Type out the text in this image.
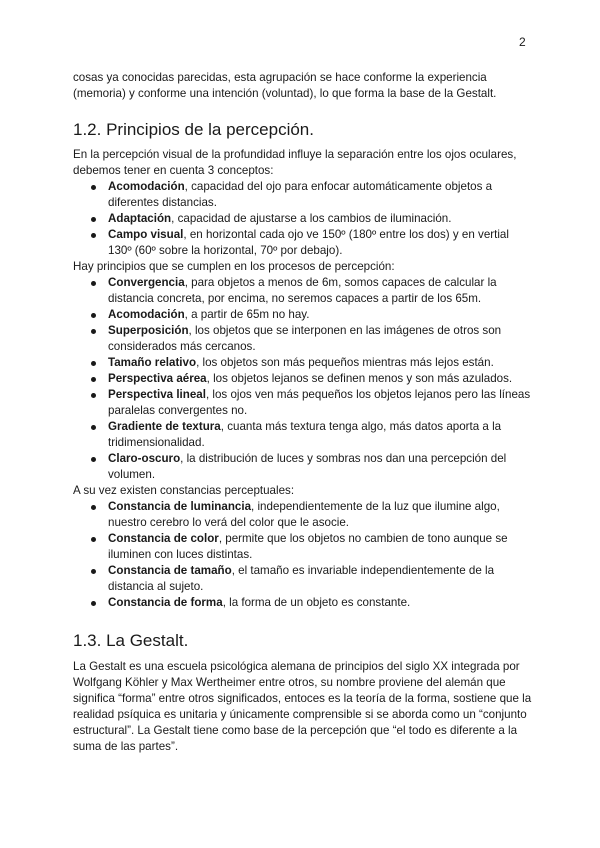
2

cosas ya conocidas parecidas, esta agrupación se hace conforme la experiencia (memoria) y conforme una intención (voluntad), lo que forma la base de la Gestalt.

1.2. Principios de la percepción.

En la percepción visual de la profundidad influye la separación entre los ojos oculares, debemos tener en cuenta 3 conceptos:

Acomodación, capacidad del ojo para enfocar automáticamente objetos a diferentes distancias.
Adaptación, capacidad de ajustarse a los cambios de iluminación.
Campo visual, en horizontal cada ojo ve 150º (180º entre los dos) y en vertial 130º (60º sobre la horizontal, 70º por debajo).

Hay principios que se cumplen en los procesos de percepción:

Convergencia, para objetos a menos de 6m, somos capaces de calcular la distancia concreta, por encima, no seremos capaces a partir de los 65m.
Acomodación, a partir de 65m no hay.
Superposición, los objetos que se interponen en las imágenes de otros son considerados más cercanos.
Tamaño relativo, los objetos son más pequeños mientras más lejos están.
Perspectiva aérea, los objetos lejanos se definen menos y son más azulados.
Perspectiva lineal, los ojos ven más pequeños los objetos lejanos pero las líneas paralelas convergentes no.
Gradiente de textura, cuanta más textura tenga algo, más datos aporta a la tridimensionalidad.
Claro-oscuro, la distribución de luces y sombras nos dan una percepción del volumen.

A su vez existen constancias perceptuales:

Constancia de luminancia, independientemente de la luz que ilumine algo, nuestro cerebro lo verá del color que le asocie.
Constancia de color, permite que los objetos no cambien de tono aunque se iluminen con luces distintas.
Constancia de tamaño, el tamaño es invariable independientemente de la distancia al sujeto.
Constancia de forma, la forma de un objeto es constante.
1.3. La Gestalt.

La Gestalt es una escuela psicológica alemana de principios del siglo XX integrada por Wolfgang Köhler y Max Wertheimer entre otros, su nombre proviene del alemán que significa “forma” entre otros significados, entoces es la teoría de la forma, sostiene que la realidad psíquica es unitaria y únicamente comprensible si se aborda como un “conjunto estructural”. La Gestalt tiene como base de la percepción que “el todo es diferente a la suma de las partes”.
